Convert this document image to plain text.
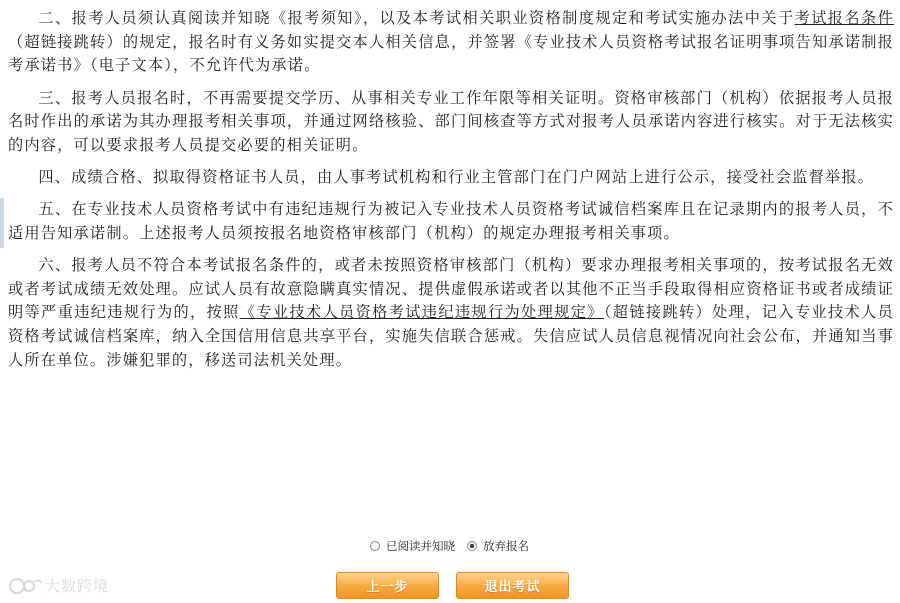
二、报考人员须认真阅读并知晓《报考须知》，以及本考试相关职业资格制度规定和考试实施办法中关于考试报名条件（超链接跳转）的规定，报名时有义务如实提交本人相关信息，并签署《专业技术人员资格考试报名证明事项告知承诺制报考承诺书》（电子文本），不允许代为承诺。

三、报考人员报名时，不再需要提交学历、从事相关专业工作年限等相关证明。资格审核部门（机构）依据报考人员报名时作出的承诺为其办理报考相关事项，并通过网络核验、部门间核查等方式对报考人员承诺内容进行核实。对于无法核实的内容，可以要求报考人员提交必要的相关证明。

四、成绩合格、拟取得资格证书人员，由人事考试机构和行业主管部门在门户网站上进行公示，接受社会监督举报。

五、在专业技术人员资格考试中有违纪违规行为被记入专业技术人员资格考试诚信档案库且在记录期内的报考人员，不适用告知承诺制。上述报考人员须按报名地资格审核部门（机构）的规定办理报考相关事项。

六、报考人员不符合本考试报名条件的，或者未按照资格审核部门（机构）要求办理报考相关事项的，按考试报名无效或者考试成绩无效处理。应试人员有故意隐瞒真实情况、提供虚假承诺或者以其他不正当手段取得相应资格证书或者成绩证明等严重违纪违规行为的，按照《专业技术人员资格考试违纪违规行为处理规定》（超链接跳转）处理，记入专业技术人员资格考试诚信档案库，纳入全国信用信息共享平台，实施失信联合惩戒。失信应试人员信息视情况向社会公布，并通知当事人所在单位。涉嫌犯罪的，移送司法机关处理。

已阅读并知晓 放弃报名
上一步	退出考试
大数跨境
